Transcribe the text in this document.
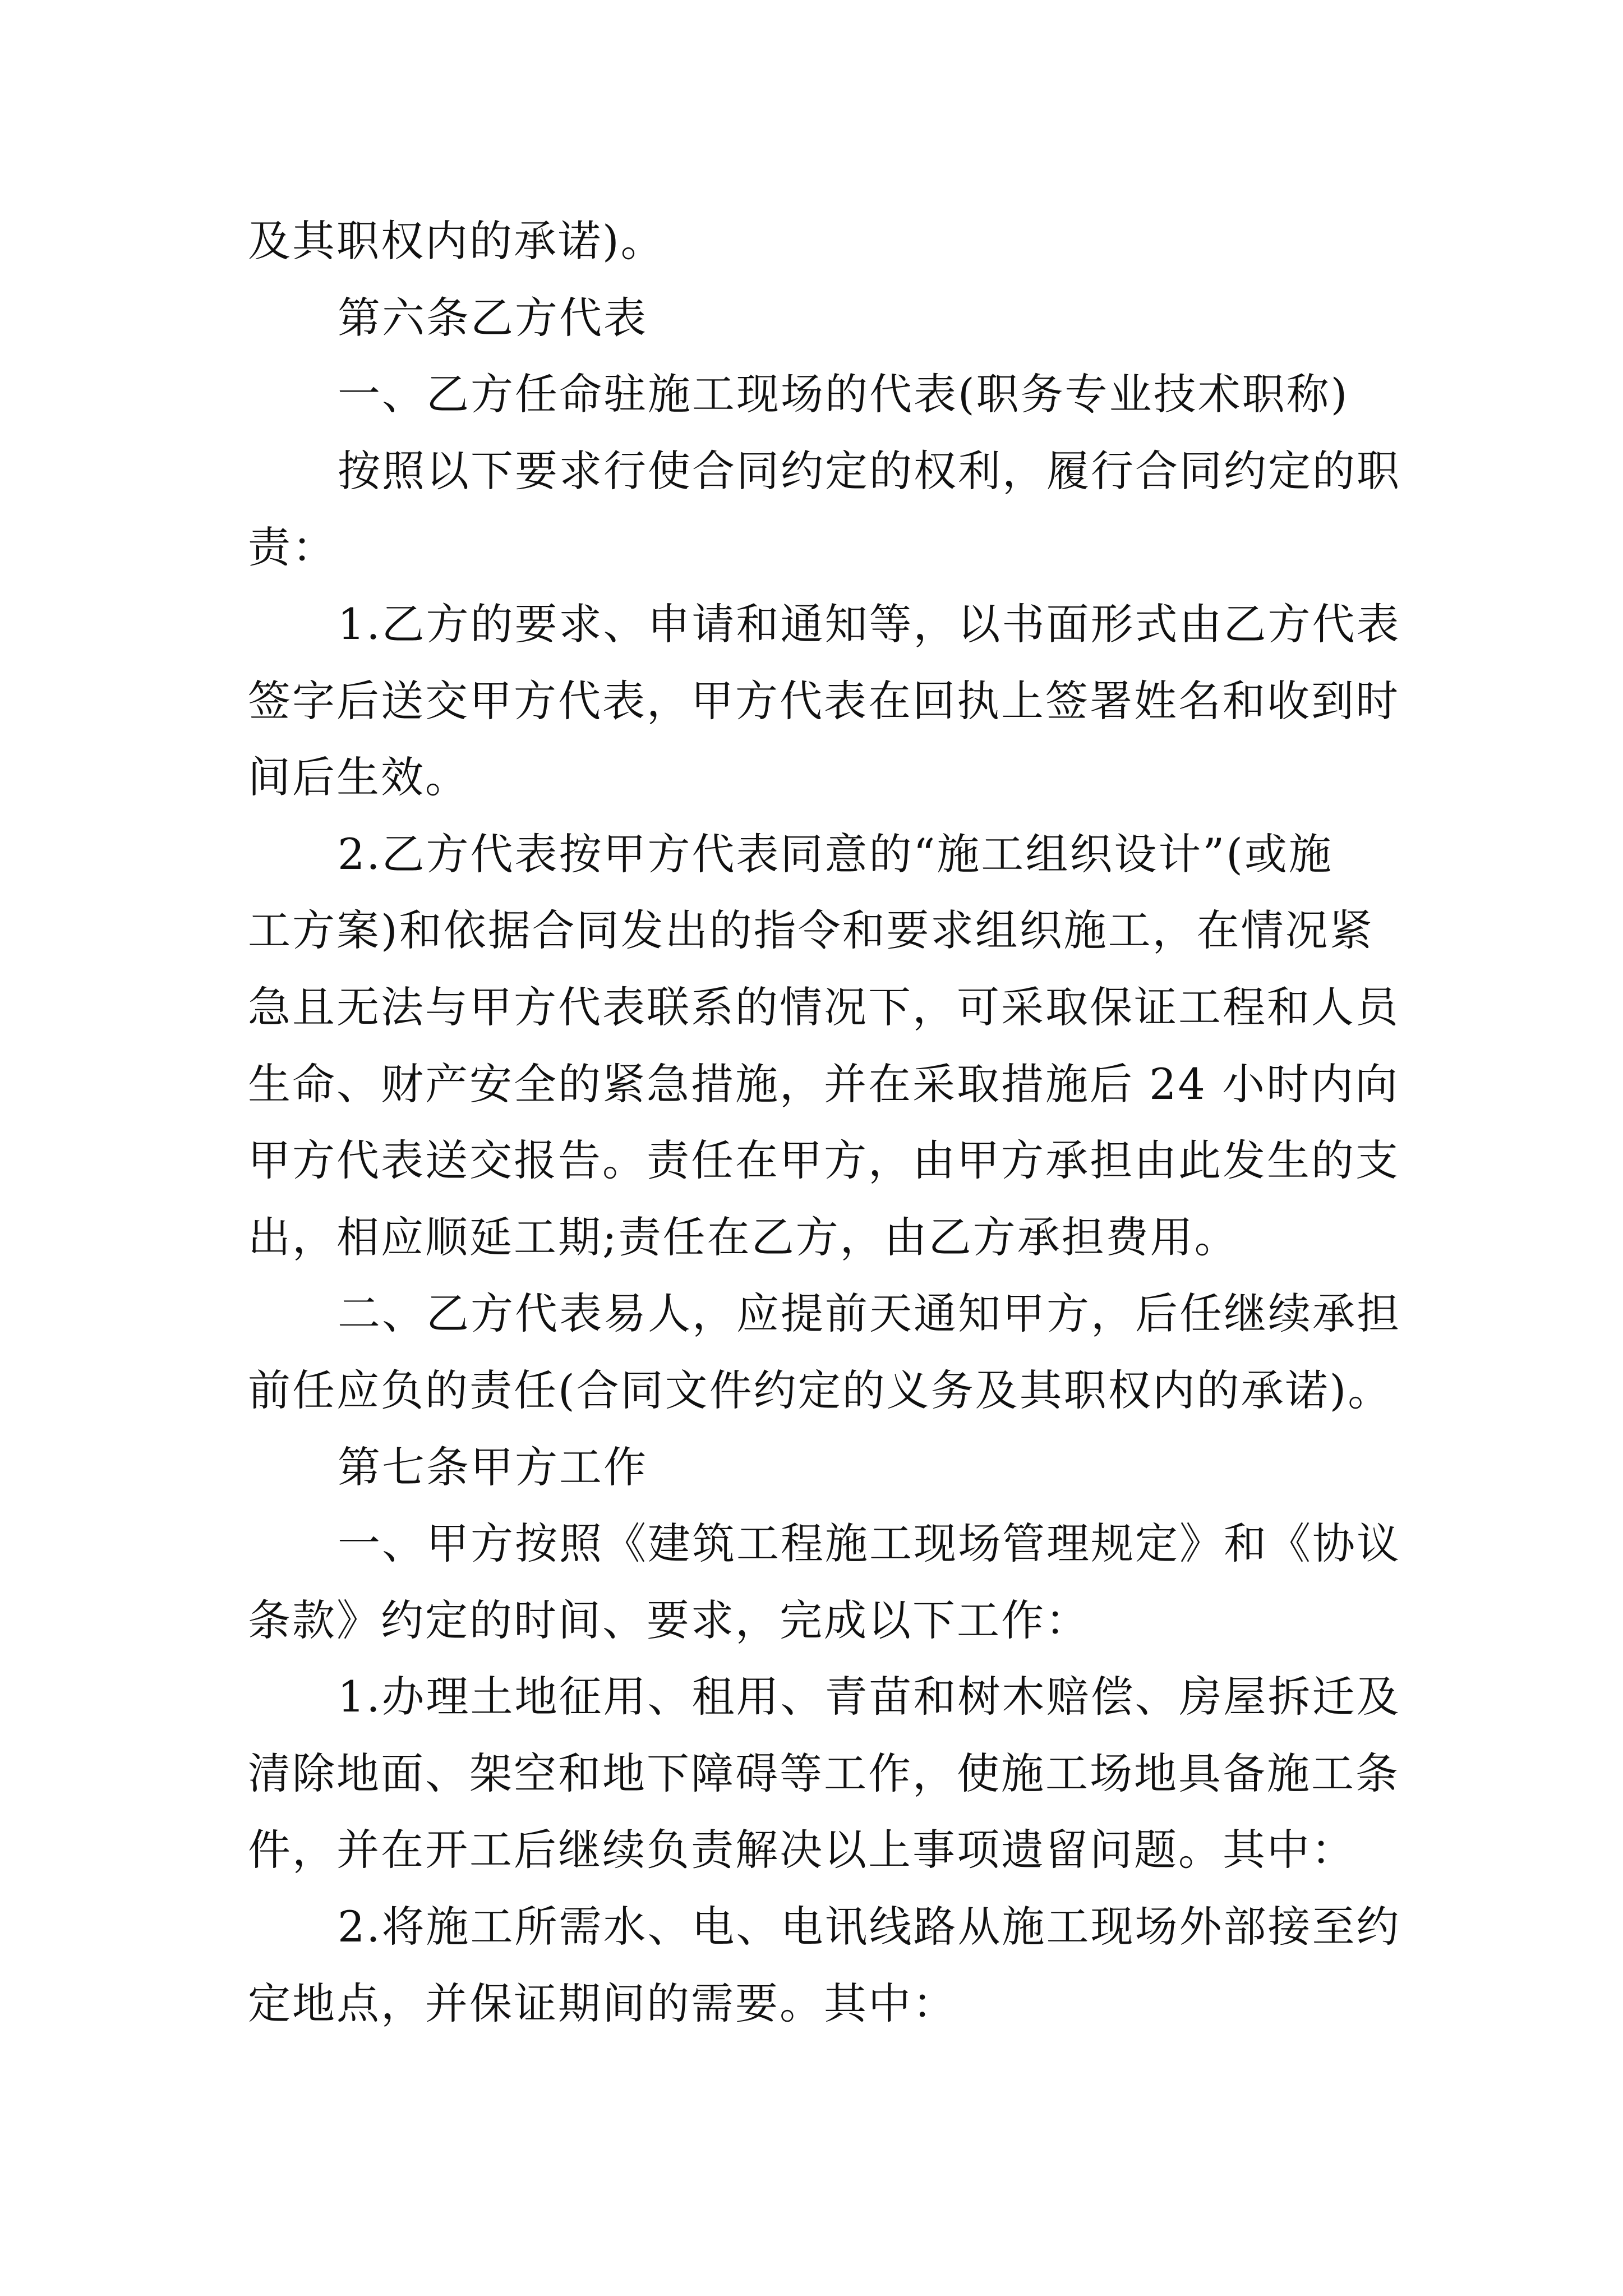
及其职权内的承诺)。
第六条乙方代表
一、乙方任命驻施工现场的代表(职务专业技术职称)
按照以下要求行使合同约定的权利，履行合同约定的职
责：
1.乙方的要求、申请和通知等，以书面形式由乙方代表
签字后送交甲方代表，甲方代表在回执上签署姓名和收到时
间后生效。
2.乙方代表按甲方代表同意的“施工组织设计”(或施
工方案)和依据合同发出的指令和要求组织施工，在情况紧
急且无法与甲方代表联系的情况下，可采取保证工程和人员
生命、财产安全的紧急措施，并在采取措施后 24 小时内向
甲方代表送交报告。责任在甲方，由甲方承担由此发生的支
出，相应顺延工期;责任在乙方，由乙方承担费用。
二、乙方代表易人，应提前天通知甲方，后任继续承担
前任应负的责任(合同文件约定的义务及其职权内的承诺)。
第七条甲方工作
一、甲方按照《建筑工程施工现场管理规定》和《协议
条款》约定的时间、要求，完成以下工作：
1.办理土地征用、租用、青苗和树木赔偿、房屋拆迁及
清除地面、架空和地下障碍等工作，使施工场地具备施工条
件，并在开工后继续负责解决以上事项遗留问题。其中：
2.将施工所需水、电、电讯线路从施工现场外部接至约
定地点，并保证期间的需要。其中：
